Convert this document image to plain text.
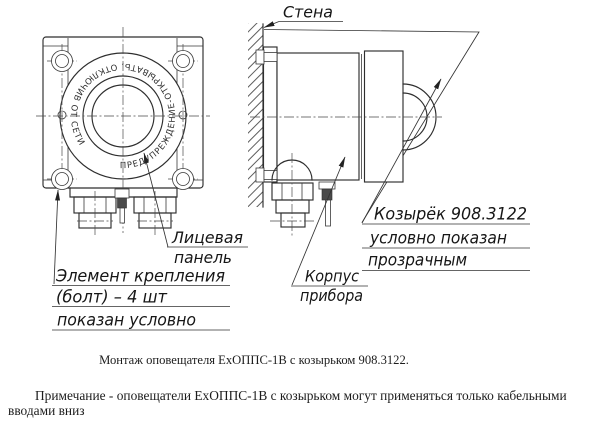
ПРЕДУПРЕЖДЕНИЕ-ОТКРЫВАТЬ, ОТКЛЮЧИВ ОТ СЕТИ
Стена
Лицевая
панель
Элемент крепления
(болт) – 4 шт
показан условно
Корпус
прибора
Козырёк 908.3122
условно показан
прозрачным
Монтаж оповещателя ЕхОППС-1В с козырьком 908.3122.
Примечание - оповещатели ЕхОППС-1В с козырьком могут применяться только кабельными
вводами вниз
